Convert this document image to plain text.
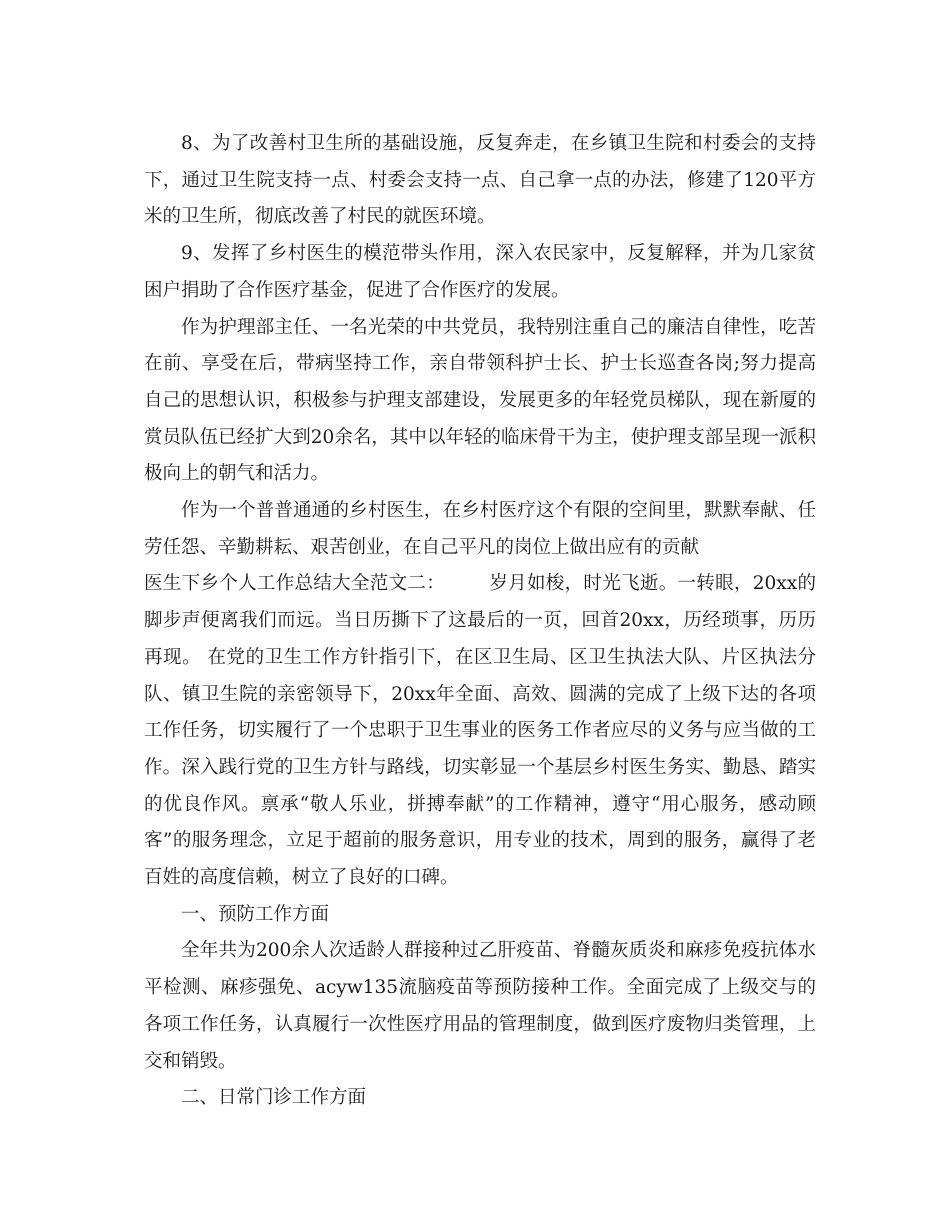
8、为了改善村卫生所的基础设施，反复奔走，在乡镇卫生院和村委会的支持下，通过卫生院支持一点、村委会支持一点、自己拿一点的办法，修建了120平方米的卫生所，彻底改善了村民的就医环境。

9、发挥了乡村医生的模范带头作用，深入农民家中，反复解释，并为几家贫困户捐助了合作医疗基金，促进了合作医疗的发展。

作为护理部主任、一名光荣的中共党员，我特别注重自己的廉洁自律性，吃苦在前、享受在后，带病坚持工作，亲自带领科护士长、护士长巡查各岗;努力提高自己的思想认识，积极参与护理支部建设，发展更多的年轻党员梯队，现在新厦的赏员队伍已经扩大到20余名，其中以年轻的临床骨干为主，使护理支部呈现一派积极向上的朝气和活力。

作为一个普普通通的乡村医生，在乡村医疗这个有限的空间里，默默奉献、任劳任怨、辛勤耕耘、艰苦创业，在自己平凡的岗位上做出应有的贡献

医生下乡个人工作总结大全范文二： 岁月如梭，时光飞逝。一转眼，20xx的脚步声便离我们而远。当日历撕下了这最后的一页，回首20xx，历经琐事，历历再现。 在党的卫生工作方针指引下，在区卫生局、区卫生执法大队、片区执法分队、镇卫生院的亲密领导下，20xx年全面、高效、圆满的完成了上级下达的各项工作任务，切实履行了一个忠职于卫生事业的医务工作者应尽的义务与应当做的工作。深入践行党的卫生方针与路线，切实彰显一个基层乡村医生务实、勤恳、踏实的优良作风。禀承“敬人乐业，拼搏奉献”的工作精神，遵守“用心服务，感动顾客”的服务理念，立足于超前的服务意识，用专业的技术，周到的服务，赢得了老百姓的高度信赖，树立了良好的口碑。

一、预防工作方面

全年共为200余人次适龄人群接种过乙肝疫苗、脊髓灰质炎和麻疹免疫抗体水平检测、麻疹强免、acyw135流脑疫苗等预防接种工作。全面完成了上级交与的各项工作任务，认真履行一次性医疗用品的管理制度，做到医疗废物归类管理，上交和销毁。

二、日常门诊工作方面
